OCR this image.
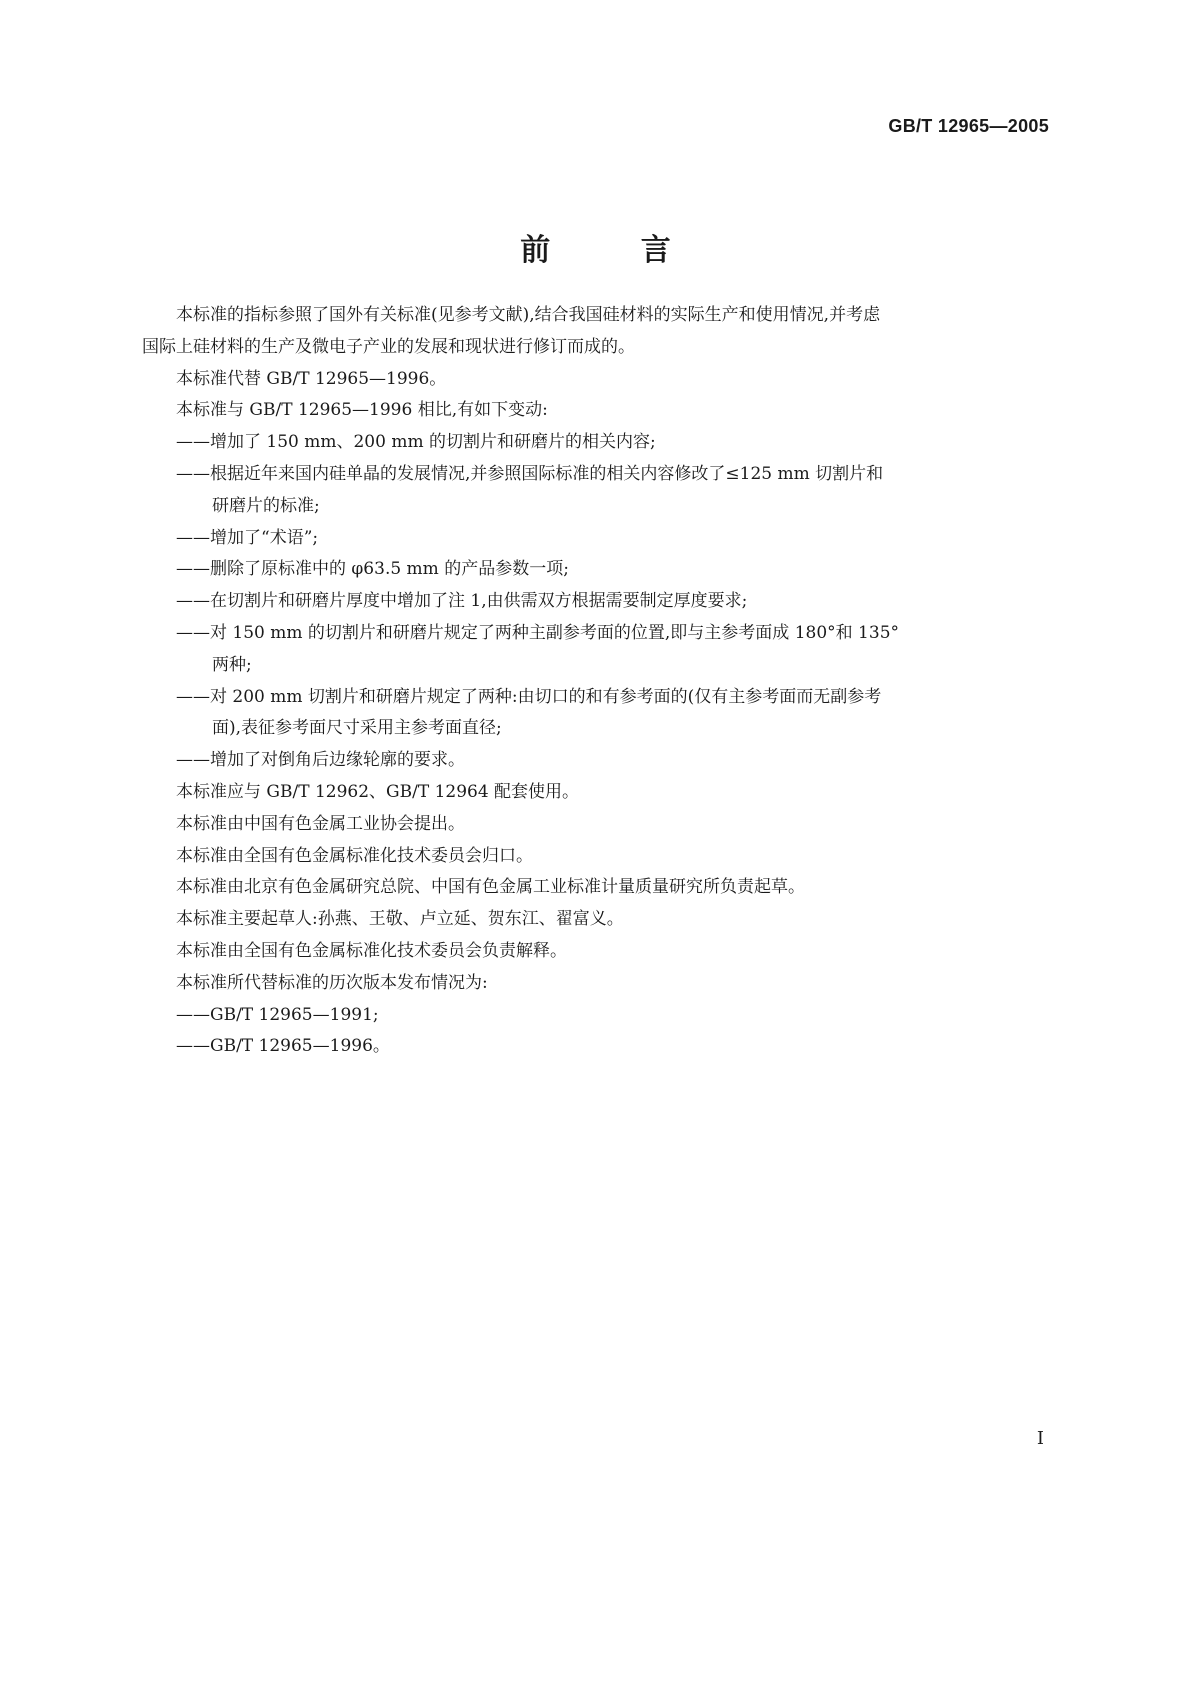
GB/T 12965—2005
前 言
本标准的指标参照了国外有关标准(见参考文献),结合我国硅材料的实际生产和使用情况,并考虑
国际上硅材料的生产及微电子产业的发展和现状进行修订而成的。
本标准代替 GB/T 12965—1996。
本标准与 GB/T 12965—1996 相比,有如下变动:
——增加了 150 mm、200 mm 的切割片和研磨片的相关内容;
——根据近年来国内硅单晶的发展情况,并参照国际标准的相关内容修改了≤125 mm 切割片和
研磨片的标准;
——增加了“术语”;
——删除了原标准中的 φ63.5 mm 的产品参数一项;
——在切割片和研磨片厚度中增加了注 1,由供需双方根据需要制定厚度要求;
——对 150 mm 的切割片和研磨片规定了两种主副参考面的位置,即与主参考面成 180°和 135°
两种;
——对 200 mm 切割片和研磨片规定了两种:由切口的和有参考面的(仅有主参考面而无副参考
面),表征参考面尺寸采用主参考面直径;
——增加了对倒角后边缘轮廓的要求。
本标准应与 GB/T 12962、GB/T 12964 配套使用。
本标准由中国有色金属工业协会提出。
本标准由全国有色金属标准化技术委员会归口。
本标准由北京有色金属研究总院、中国有色金属工业标准计量质量研究所负责起草。
本标准主要起草人:孙燕、王敬、卢立延、贺东江、翟富义。
本标准由全国有色金属标准化技术委员会负责解释。
本标准所代替标准的历次版本发布情况为:
——GB/T 12965—1991;
——GB/T 12965—1996。
I
